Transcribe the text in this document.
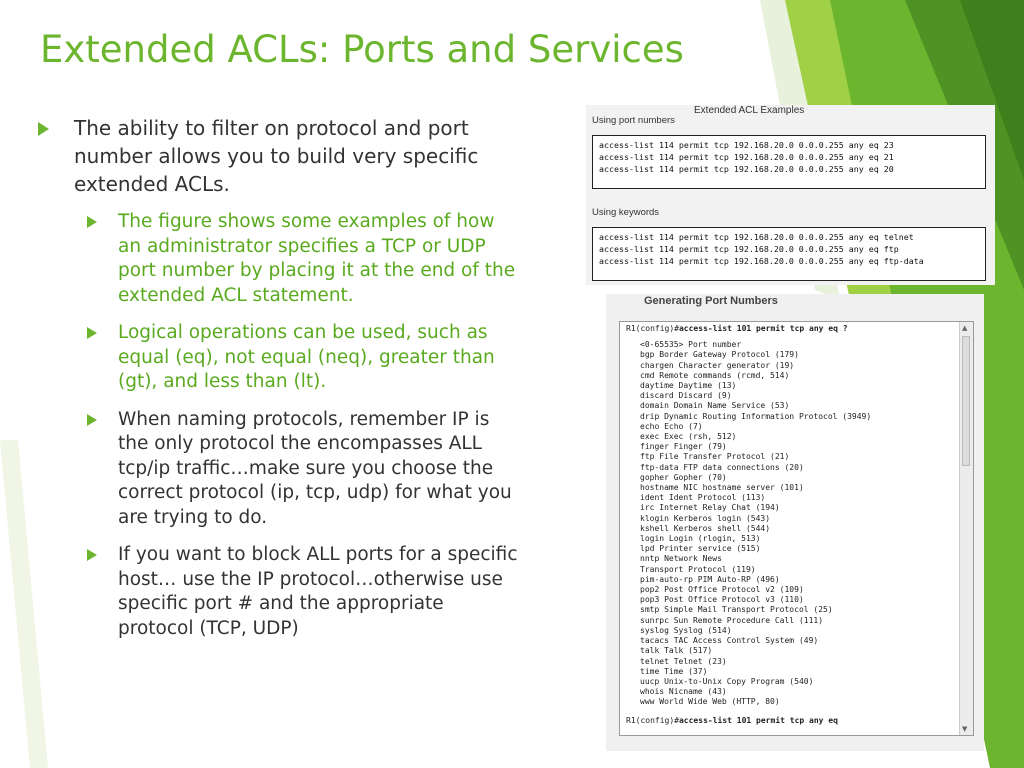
Extended ACLs: Ports and Services

The ability to filter on protocol and port number allows you to build very specific extended ACLs.

The figure shows some examples of how an administrator specifies a TCP or UDP port number by placing it at the end of the extended ACL statement.

Logical operations can be used, such as equal (eq), not equal (neq), greater than (gt), and less than (lt).

When naming protocols, remember IP is the only protocol the encompasses ALL tcp/ip traffic…make sure you choose the correct protocol (ip, tcp, udp) for what you are trying to do.

If you want to block ALL ports for a specific host… use the IP protocol…otherwise use specific port # and the appropriate protocol (TCP, UDP)

Extended ACL Examples
Using port numbers
access-list 114 permit tcp 192.168.20.0 0.0.0.255 any eq 23
access-list 114 permit tcp 192.168.20.0 0.0.0.255 any eq 21
access-list 114 permit tcp 192.168.20.0 0.0.0.255 any eq 20
Using keywords
access-list 114 permit tcp 192.168.20.0 0.0.0.255 any eq telnet
access-list 114 permit tcp 192.168.20.0 0.0.0.255 any eq ftp
access-list 114 permit tcp 192.168.20.0 0.0.0.255 any eq ftp-data
Generating Port Numbers
R1(config)#access-list 101 permit tcp any eq ?
<0-65535> Port number
bgp Border Gateway Protocol (179)
chargen Character generator (19)
cmd Remote commands (rcmd, 514)
daytime Daytime (13)
discard Discard (9)
domain Domain Name Service (53)
drip Dynamic Routing Information Protocol (3949)
echo Echo (7)
exec Exec (rsh, 512)
finger Finger (79)
ftp File Transfer Protocol (21)
ftp-data FTP data connections (20)
gopher Gopher (70)
hostname NIC hostname server (101)
ident Ident Protocol (113)
irc Internet Relay Chat (194)
klogin Kerberos login (543)
kshell Kerberos shell (544)
login Login (rlogin, 513)
lpd Printer service (515)
nntp Network News
Transport Protocol (119)
pim-auto-rp PIM Auto-RP (496)
pop2 Post Office Protocol v2 (109)
pop3 Post Office Protocol v3 (110)
smtp Simple Mail Transport Protocol (25)
sunrpc Sun Remote Procedure Call (111)
syslog Syslog (514)
tacacs TAC Access Control System (49)
talk Talk (517)
telnet Telnet (23)
time Time (37)
uucp Unix-to-Unix Copy Program (540)
whois Nicname (43)
www World Wide Web (HTTP, 80)
R1(config)#access-list 101 permit tcp any eq
▲
▼
